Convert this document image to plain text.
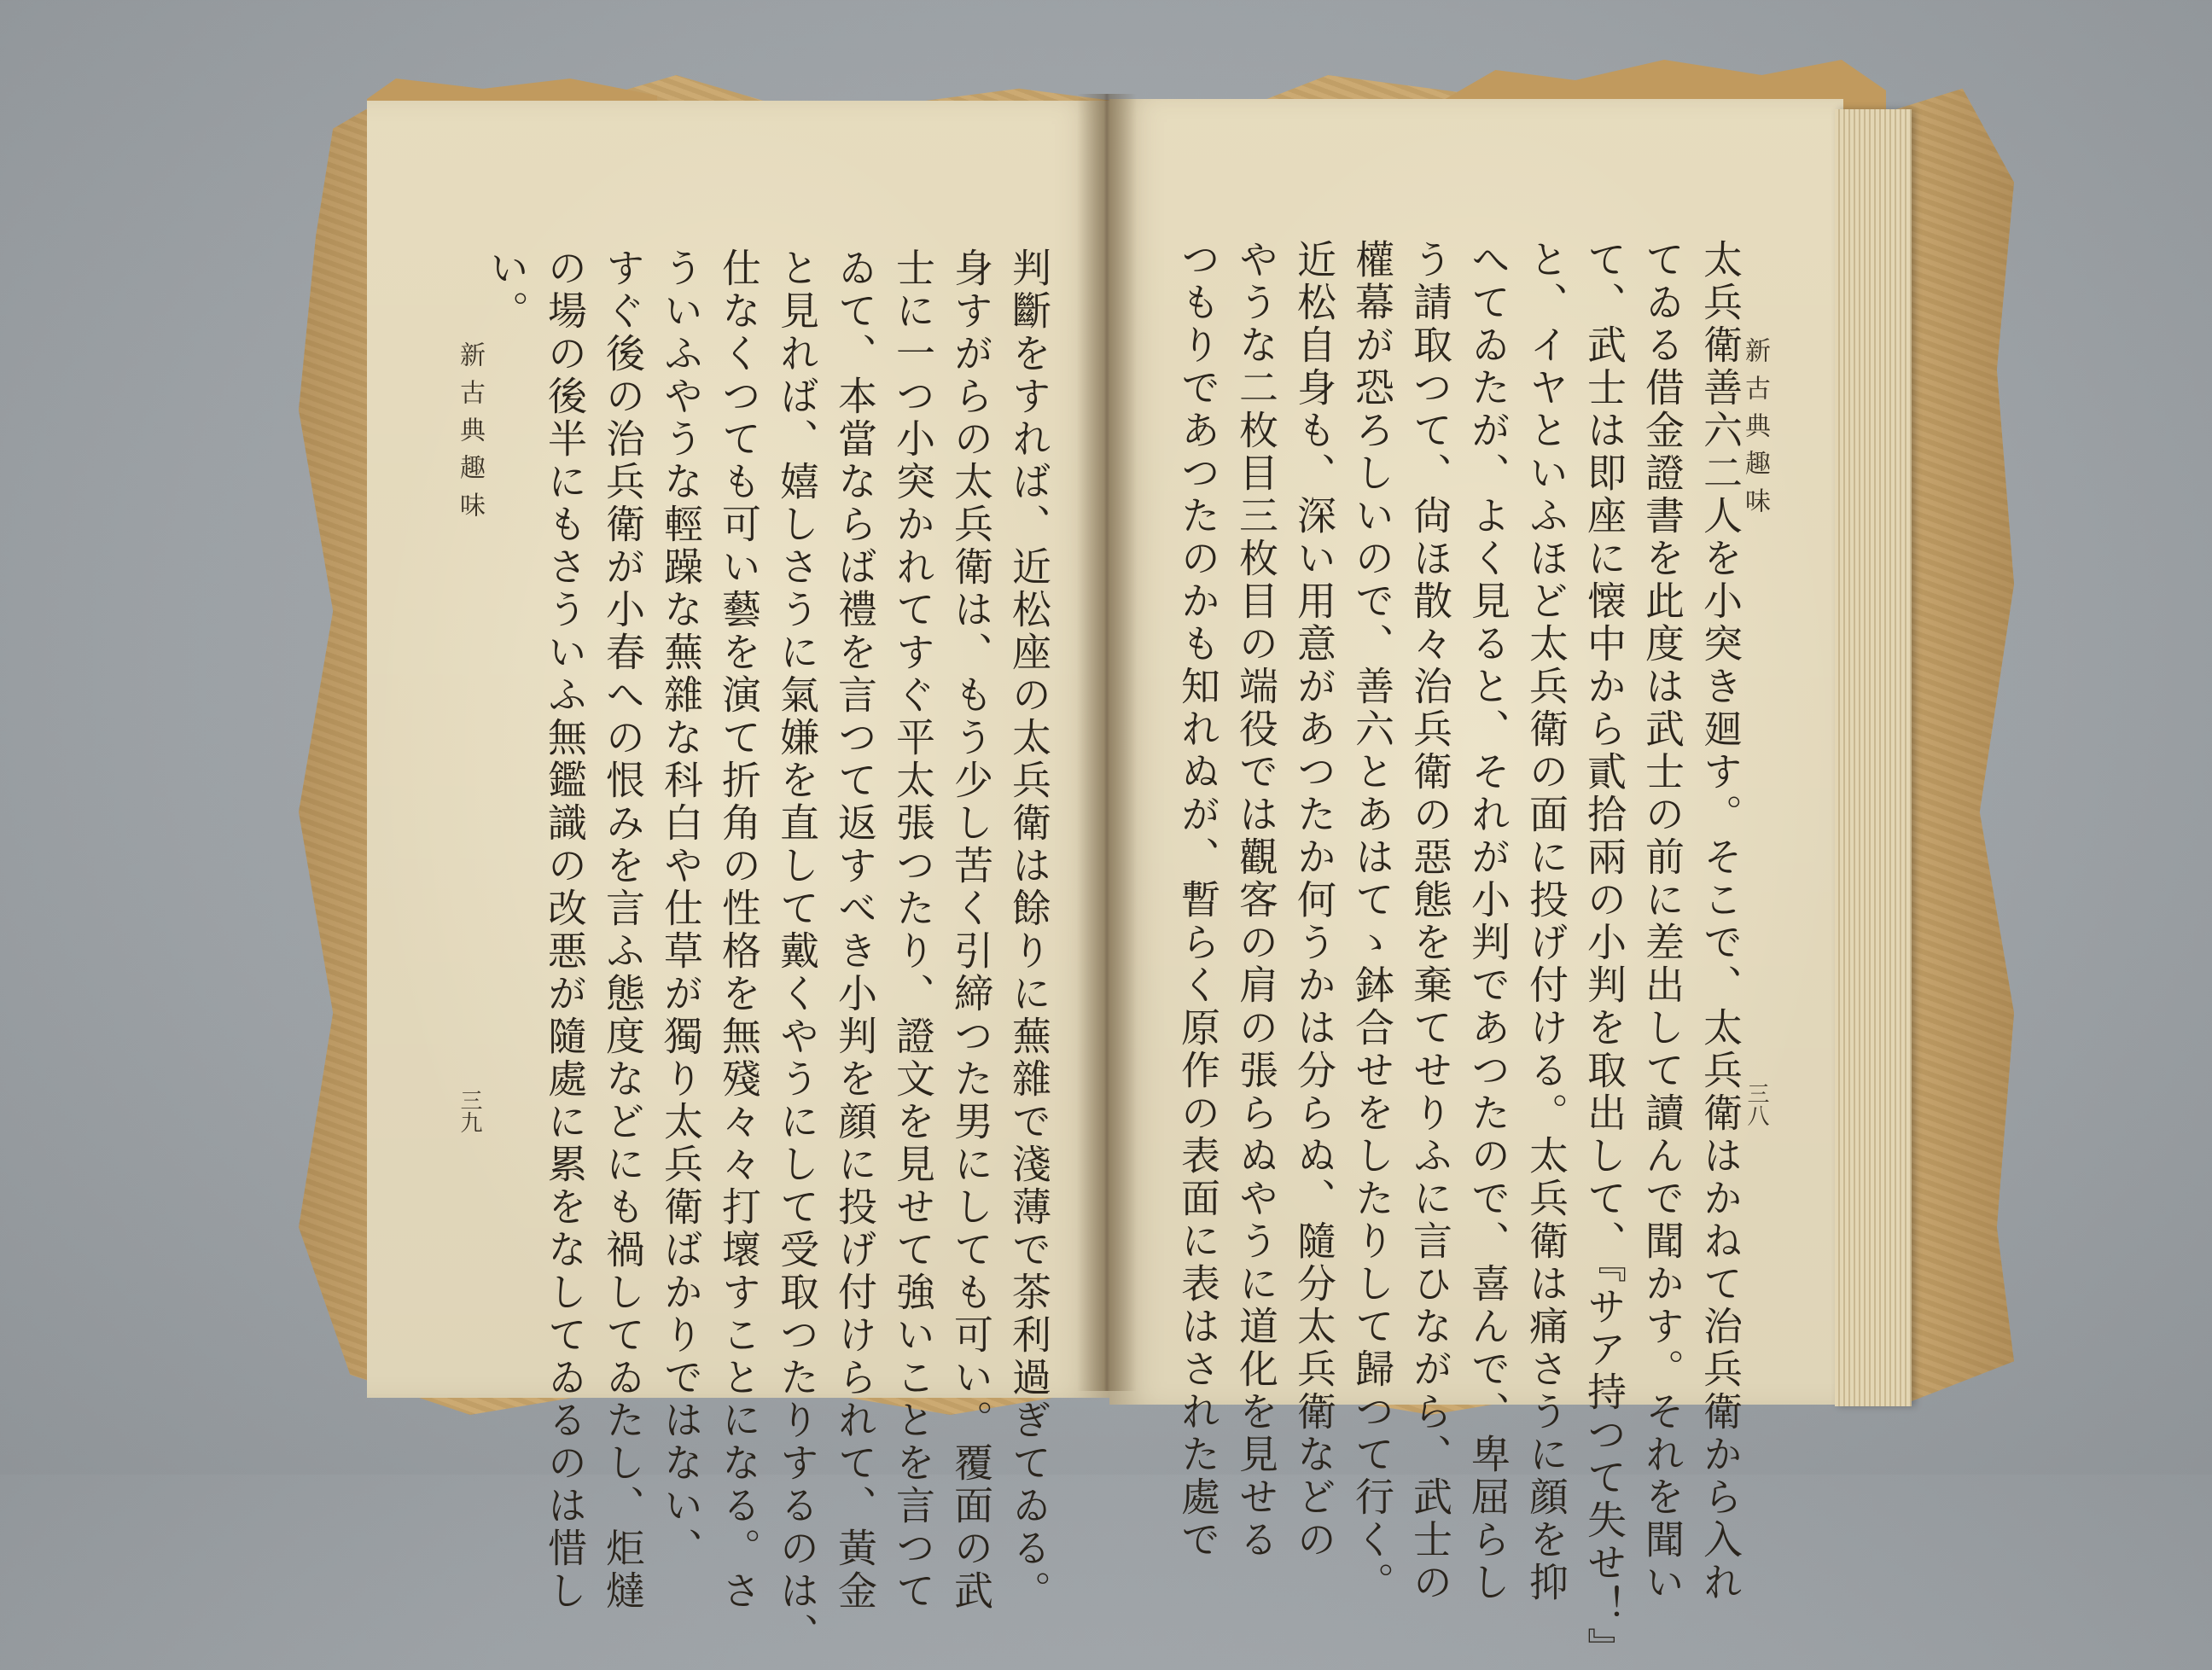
新古典趣味
三九	判斷をすれば、近松座の太兵衛は餘りに蕪雜で淺薄で茶利過ぎてゐる。
身すがらの太兵衛は、もう少し苦く引締つた男にしても可い。覆面の武
士に一つ小突かれてすぐ平太張つたり、證文を見せて強いことを言つて
ゐて、本當ならば禮を言つて返すべき小判を顔に投げ付けられて、黃金
と見れば、嬉しさうに氣嫌を直して戴くやうにして受取つたりするのは、
仕なくつても可い藝を演て折角の性格を無殘々々打壞すことになる。さ
ういふやうな輕躁な蕪雜な科白や仕草が獨り太兵衛ばかりではない、
すぐ後の治兵衛が小春への恨みを言ふ態度などにも禍してゐたし、炬燵
の場の後半にもさういふ無鑑識の改悪が隨處に累をなしてゐるのは惜し
い。
新古典趣味
三八
太兵衛善六二人を小突き廻す。そこで、太兵衛はかねて治兵衛から入れ
てゐる借金證書を此度は武士の前に差出して讀んで聞かす。それを聞い
て、武士は即座に懐中から貳拾兩の小判を取出して、『サア持つて失せ！』
と、イヤといふほど太兵衛の面に投げ付ける。太兵衛は痛さうに顔を抑
へてゐたが、よく見ると、それが小判であつたので、喜んで、卑屈らし
う請取つて、尙ほ散々治兵衛の惡態を棄てせりふに言ひながら、武士の
權幕が恐ろしいので、善六とあはてゝ鉢合せをしたりして歸つて行く。
近松自身も、深い用意があつたか何うかは分らぬ、隨分太兵衛などの
やうな二枚目三枚目の端役では觀客の肩の張らぬやうに道化を見せる
つもりであつたのかも知れぬが、暫らく原作の表面に表はされた處で
